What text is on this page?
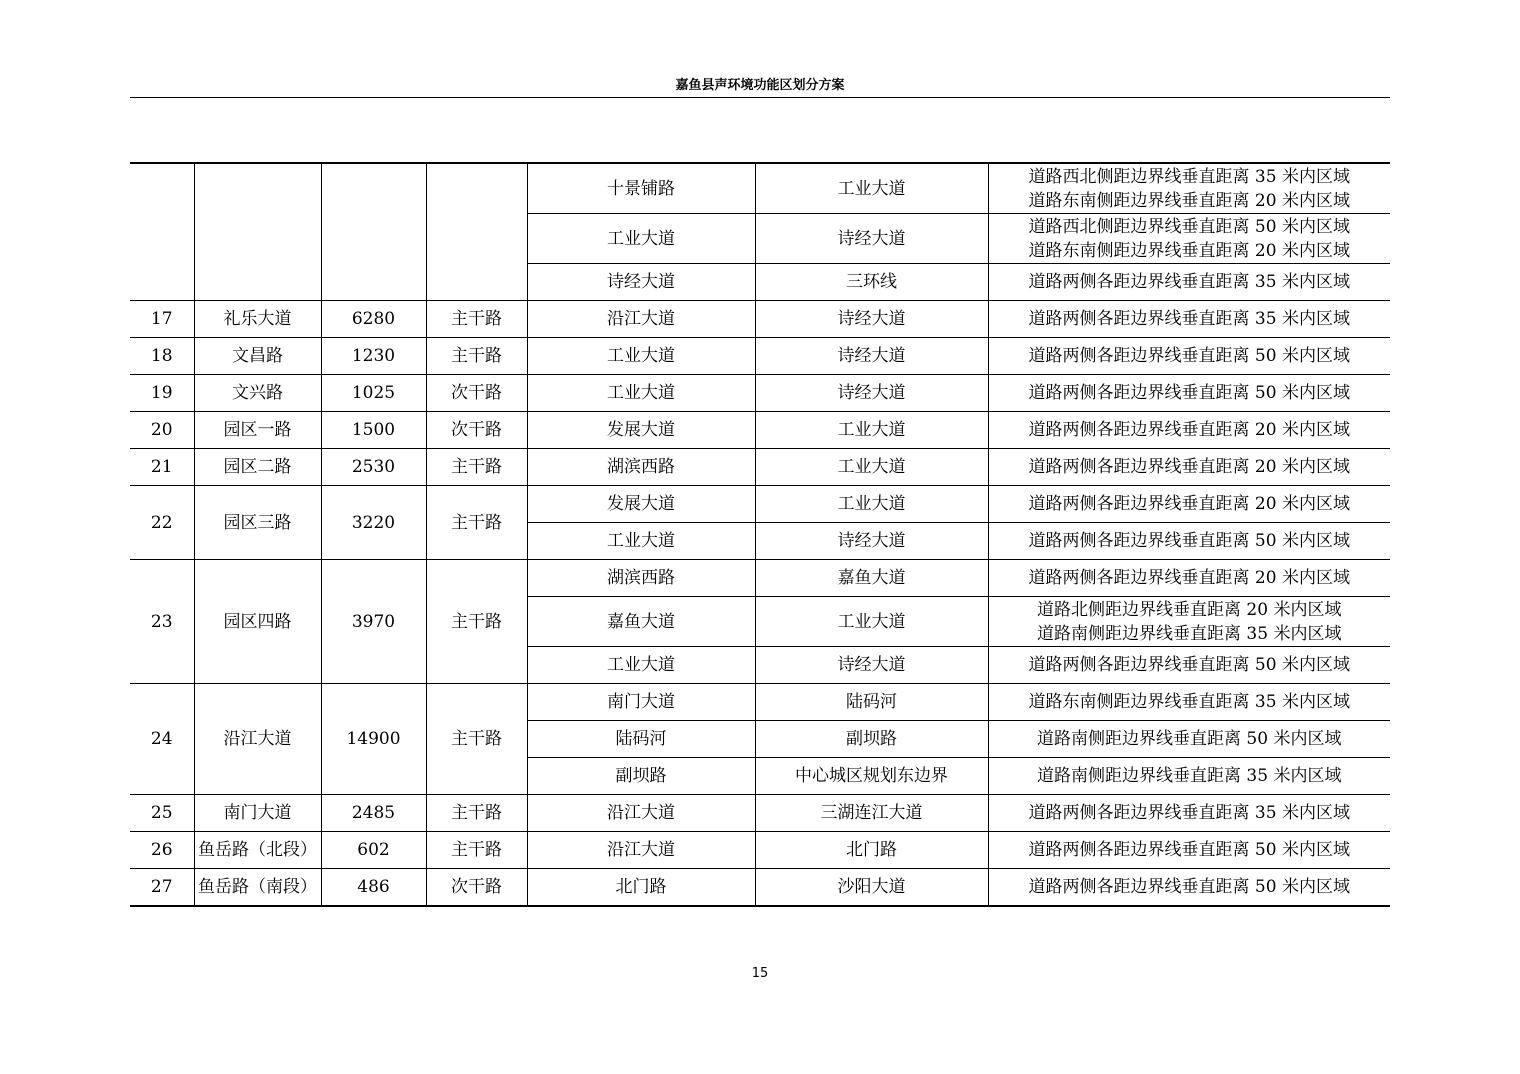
嘉鱼县声环境功能区划分方案
				十景铺路	工业大道	道路西北侧距边界线垂直距离 35 米内区域
道路东南侧距边界线垂直距离 20 米内区域

				工业大道	诗经大道	道路西北侧距边界线垂直距离 50 米内区域
道路东南侧距边界线垂直距离 20 米内区域

				诗经大道	三环线	道路两侧各距边界线垂直距离 35 米内区域

17	礼乐大道	6280	主干路	沿江大道	诗经大道	道路两侧各距边界线垂直距离 35 米内区域

18	文昌路	1230	主干路	工业大道	诗经大道	道路两侧各距边界线垂直距离 50 米内区域

19	文兴路	1025	次干路	工业大道	诗经大道	道路两侧各距边界线垂直距离 50 米内区域

20	园区一路	1500	次干路	发展大道	工业大道	道路两侧各距边界线垂直距离 20 米内区域

21	园区二路	2530	主干路	湖滨西路	工业大道	道路两侧各距边界线垂直距离 20 米内区域

22	园区三路	3220	主干路	发展大道	工业大道	道路两侧各距边界线垂直距离 20 米内区域

				工业大道	诗经大道	道路两侧各距边界线垂直距离 50 米内区域

23	园区四路	3970	主干路	湖滨西路	嘉鱼大道	道路两侧各距边界线垂直距离 20 米内区域

				嘉鱼大道	工业大道	道路北侧距边界线垂直距离 20 米内区域
道路南侧距边界线垂直距离 35 米内区域

				工业大道	诗经大道	道路两侧各距边界线垂直距离 50 米内区域

24	沿江大道	14900	主干路	南门大道	陆码河	道路东南侧距边界线垂直距离 35 米内区域

				陆码河	副坝路	道路南侧距边界线垂直距离 50 米内区域

				副坝路	中心城区规划东边界	道路南侧距边界线垂直距离 35 米内区域

25	南门大道	2485	主干路	沿江大道	三湖连江大道	道路两侧各距边界线垂直距离 35 米内区域

26	鱼岳路（北段）	602	主干路	沿江大道	北门路	道路两侧各距边界线垂直距离 50 米内区域

27	鱼岳路（南段）	486	次干路	北门路	沙阳大道	道路两侧各距边界线垂直距离 50 米内区域
15
